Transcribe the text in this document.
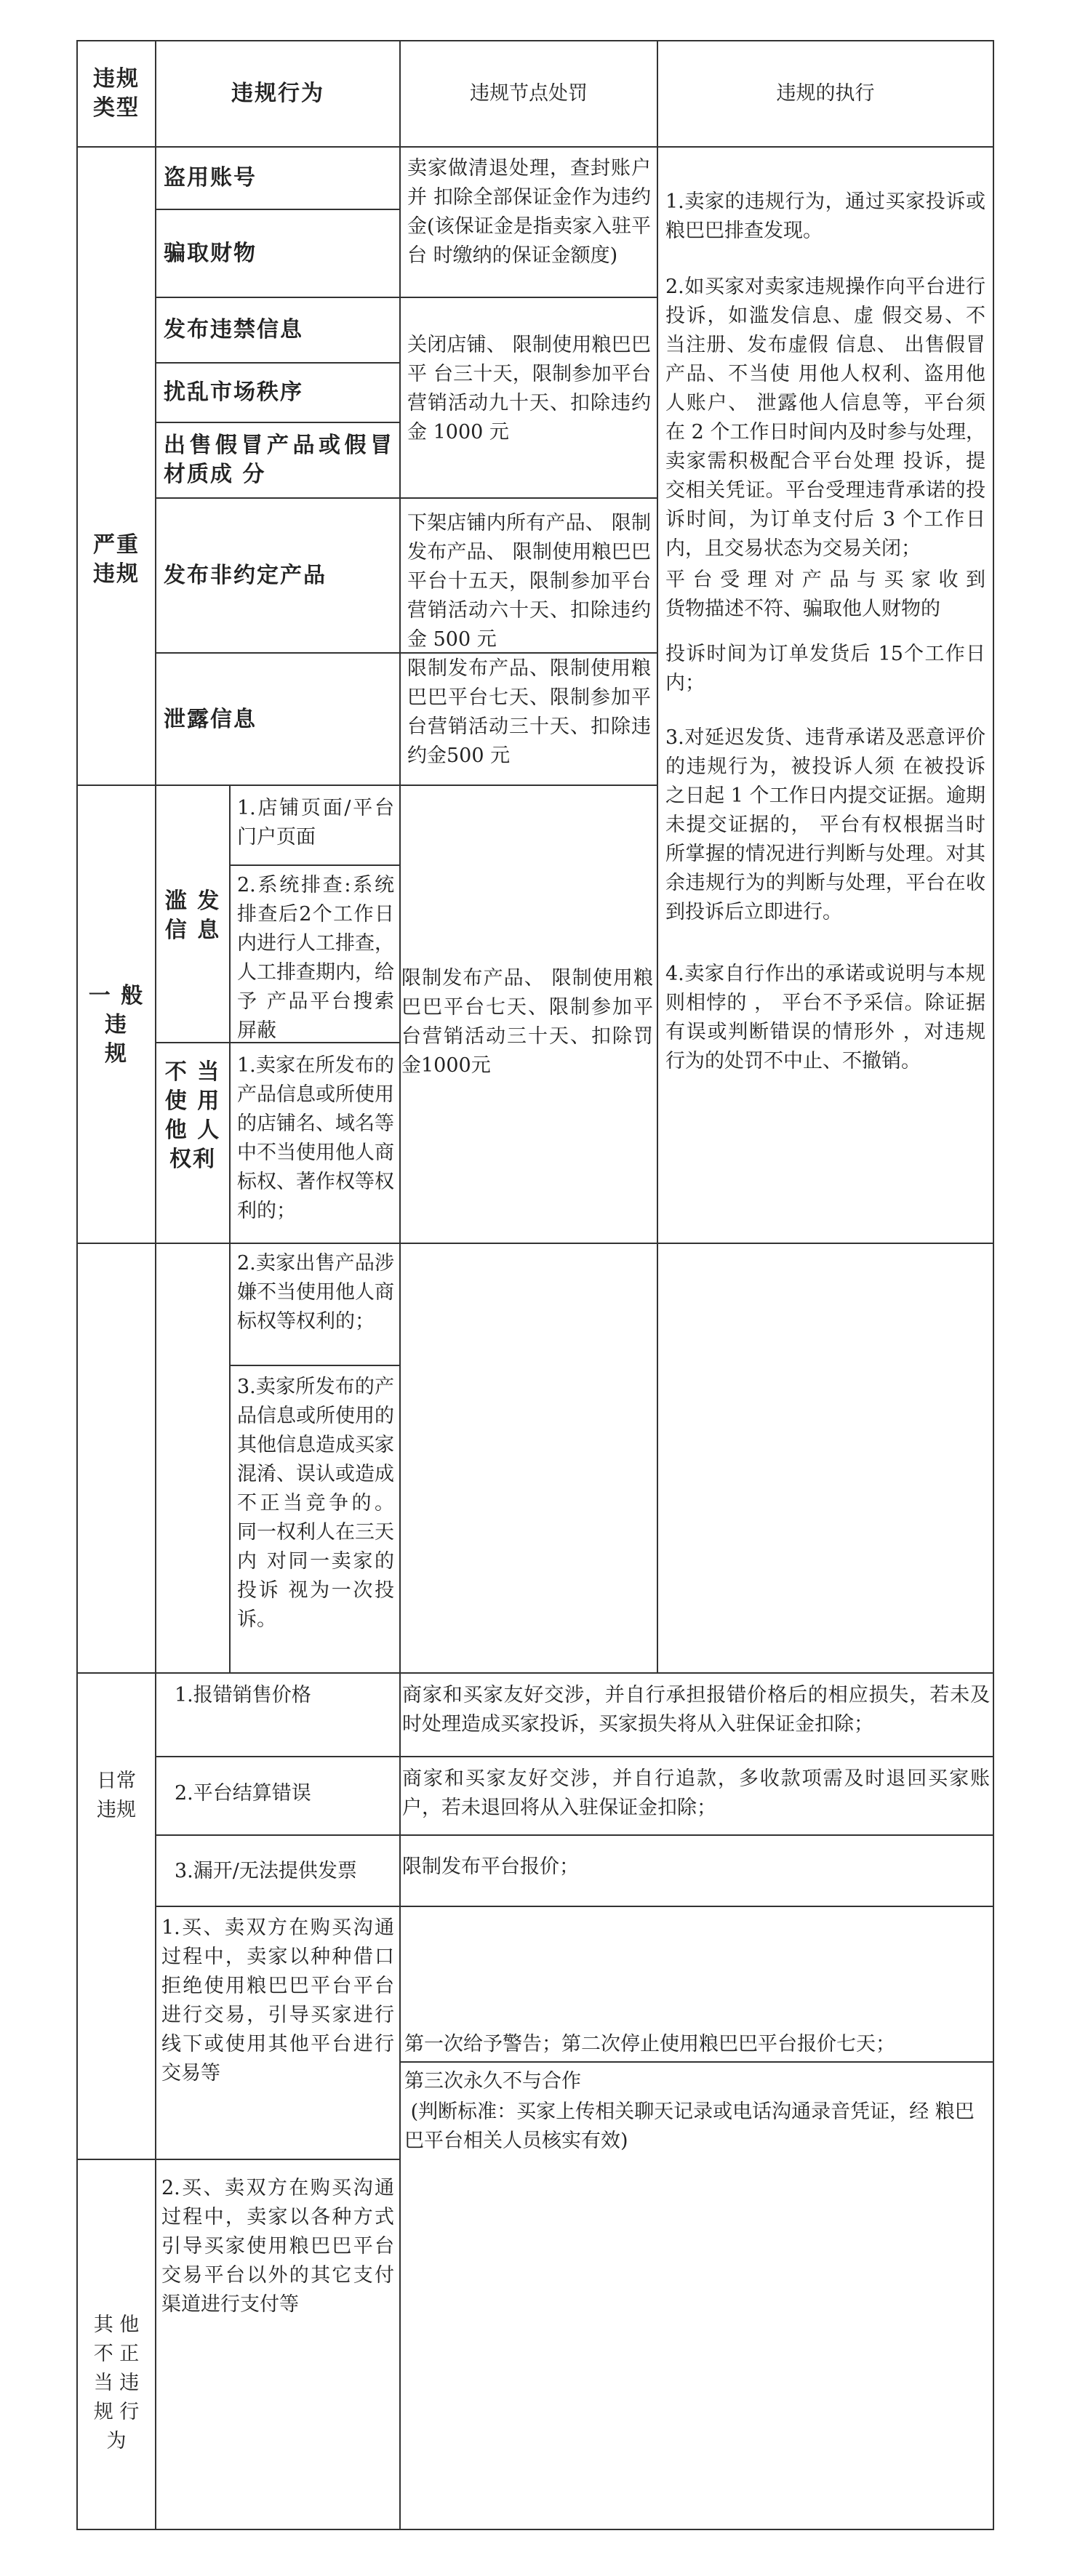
违规
类型
违规行为	违规节点处罚	违规的执行
严重
违规
盗用账号
骗取财物
发布违禁信息
扰乱市场秩序
出售假冒产品或假冒材质成 分
发布非约定产品
泄露信息
卖家做清退处理，查封账户并 扣除全部保证金作为违约金(该保证金是指卖家入驻平台 时缴纳的保证金额度)
关闭店铺、 限制使用粮巴巴平 台三十天，限制参加平台营销活动九十天、扣除违约金 1000 元
下架店铺内所有产品、 限制发布产品、 限制使用粮巴巴平台十五天，限制参加平台营销活动六十天、扣除违约金 500 元
限制发布产品、限制使用粮巴巴平台七天、限制参加平台营销活动三十天、扣除违约金500 元
1.卖家的违规行为，通过买家投诉或粮巴巴排查发现。
2.如买家对卖家违规操作向平台进行投诉，如滥发信息、虚 假交易、不当注册、发布虚假 信息、 出售假冒产品、不当使 用他人权利、盗用他人账户、 泄露他人信息等，平台须在 2 个工作日时间内及时参与处理，卖家需积极配合平台处理 投诉，提交相关凭证。平台受理违背承诺的投诉时间，为订单支付后 3 个工作日 内，且交易状态为交易关闭；
平 台 受 理 对 产 品 与 买 家 收 到 货物描述不符、骗取他人财物的
投诉时间为订单发货后 15个工作日内；
3.对延迟发货、违背承诺及恶意评价的违规行为，被投诉人须 在被投诉之日起 1 个工作日内提交证据。逾期未提交证据的， 平台有权根据当时所掌握的情况进行判断与处理。对其余违规行为的判断与处理，平台在收到投诉后立即进行。
4.卖家自行作出的承诺或说明与本规则相悖的 ， 平台不予采信。除证据有误或判断错误的情形外 ，对违规行为的处罚不中止、不撤销。
一 般
违
规
滥 发
信 息
1.店铺页面/平台门户页面
2.系统排查:系统排查后2个工作日内进行人工排查，人工排查期内，给予 产品平台搜索屏蔽
不 当
使 用
他 人
权利
1.卖家在所发布的产品信息或所使用 的店铺名、域名等中不当使用他人商标权、著作权等权利的；
限制发布产品、 限制使用粮巴巴平台七天、限制参加平台营销活动三十天、扣除罚金1000元
2.卖家出售产品涉 嫌不当使用他人商 标权等权利的；
3.卖家所发布的产 品信息或所使用的 其他信息造成买家 混淆、误认或造成 不正当竞争的。 同一权利人在三天内 对同一卖家的投诉 视为一次投诉。
日常
违规
1.报错销售价格
2.平台结算错误
3.漏开/无法提供发票
商家和买家友好交涉，并自行承担报错价格后的相应损失，若未及时处理造成买家投诉，买家损失将从入驻保证金扣除；
商家和买家友好交涉，并自行追款，多收款项需及时退回买家账户，若未退回将从入驻保证金扣除；
限制发布平台报价；
1.买、卖双方在购买沟通过程中，卖家以种种借口拒绝使用粮巴巴平台平台进行交易，引导买家进行线下或使用其他平台进行交易等
2.买、卖双方在购买沟通过程中，卖家以各种方式引导买家使用粮巴巴平台交易平台以外的其它支付渠道进行支付等
其 他
不 正
当 违
规 行
为
第一次给予警告；第二次停止使用粮巴巴平台报价七天；
第三次永久不与合作
(判断标准：买家上传相关聊天记录或电话沟通录音凭证，经 粮巴巴平台相关人员核实有效)
